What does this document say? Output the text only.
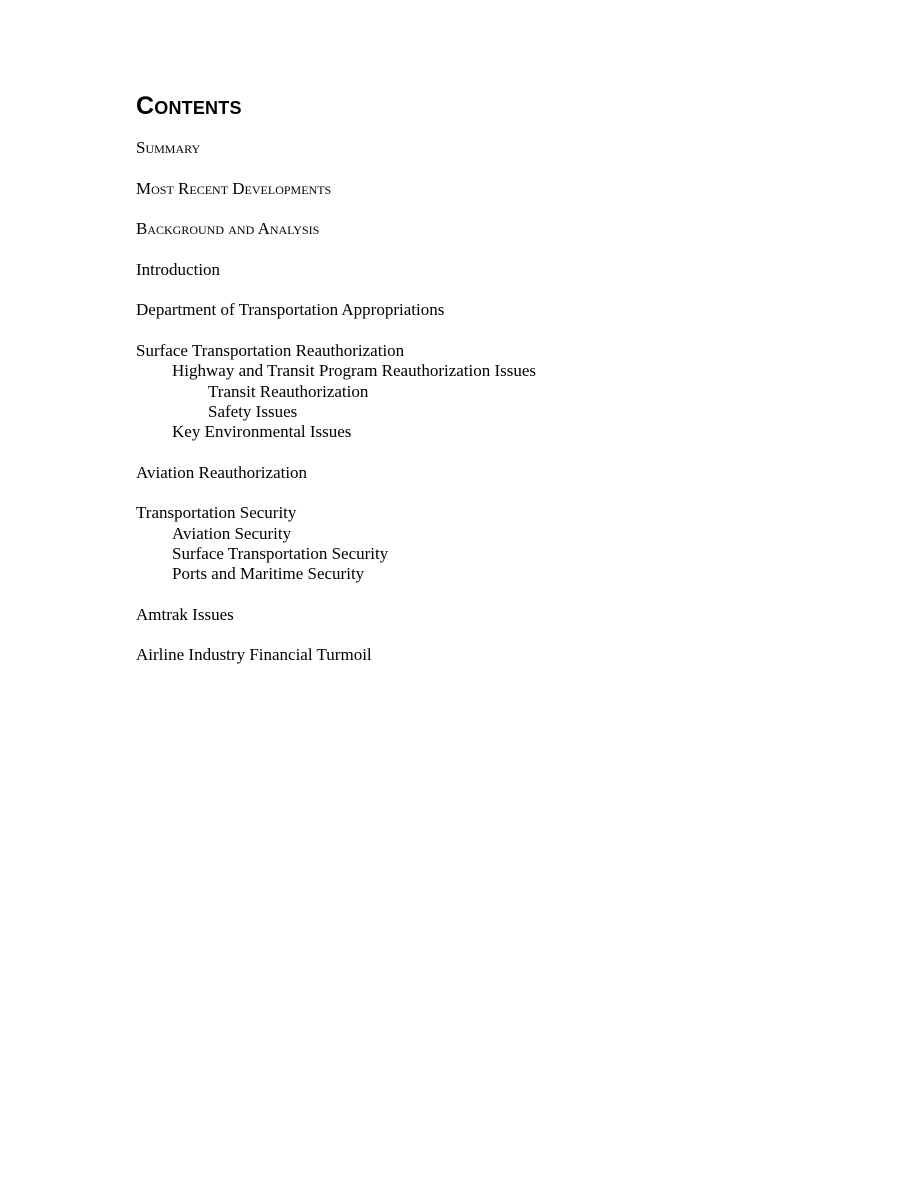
Contents
Summary
Most Recent Developments
Background and Analysis
Introduction
Department of Transportation Appropriations
Surface Transportation Reauthorization
Highway and Transit Program Reauthorization Issues
Transit Reauthorization
Safety Issues
Key Environmental Issues
Aviation Reauthorization
Transportation Security
Aviation Security
Surface Transportation Security
Ports and Maritime Security
Amtrak Issues
Airline Industry Financial Turmoil
